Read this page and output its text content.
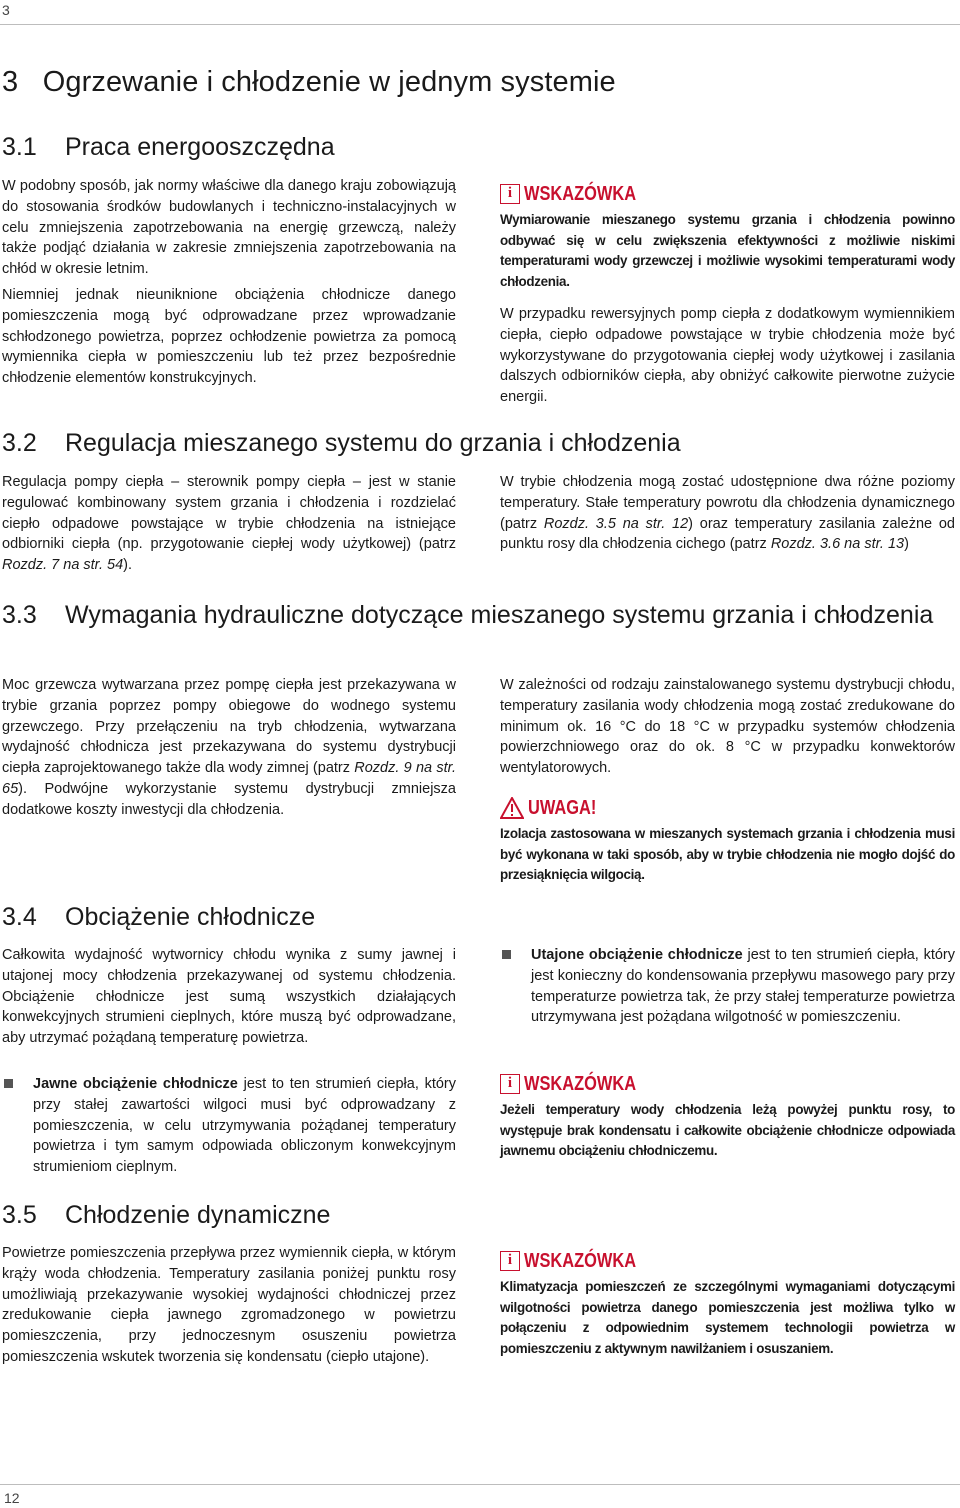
3
3   Ogrzewanie i chłodzenie w jednym systemie
3.1 Praca energooszczędna

W podobny sposób, jak normy właściwe dla danego kraju zobowiązują do stosowania środków budowlanych i techniczno-instalacyjnych w celu zmniejszenia zapotrzebowania na energię grzewczą, należy także podjąć działania w zakresie zmniejszenia zapotrzebowania na chłód w okresie letnim.

Niemniej jednak nieuniknione obciążenia chłodnicze danego pomieszczenia mogą być odprowadzane przez wprowadzanie schłodzonego powietrza, poprzez ochłodzenie powietrza za pomocą wymiennika ciepła w pomieszczeniu lub też przez bezpośrednie chłodzenie elementów konstrukcyjnych.

i WSKAZÓWKA
Wymiarowanie mieszanego systemu grzania i chłodzenia powinno odbywać się w celu zwiększenia efektywności z możliwie niskimi temperaturami wody grzewczej i możliwie wysokimi temperaturami wody chłodzenia.

W przypadku rewersyjnych pomp ciepła z dodatkowym wymiennikiem ciepła, ciepło odpadowe powstające w trybie chłodzenia może być wykorzystywane do przygotowania ciepłej wody użytkowej i zasilania dalszych odbiorników ciepła, aby obniżyć całkowite pierwotne zużycie energii.

3.2 Regulacja mieszanego systemu do grzania i chłodzenia

Regulacja pompy ciepła – sterownik pompy ciepła – jest w stanie regulować kombinowany system grzania i chłodzenia i rozdzielać ciepło odpadowe powstające w trybie chłodzenia na istniejące odbiorniki ciepła (np. przygotowanie ciepłej wody użytkowej) (patrz Rozdz. 7 na str. 54).

W trybie chłodzenia mogą zostać udostępnione dwa różne poziomy temperatury. Stałe temperatury powrotu dla chłodzenia dynamicznego (patrz Rozdz. 3.5 na str. 12) oraz temperatury zasilania zależne od punktu rosy dla chłodzenia cichego (patrz Rozdz. 3.6 na str. 13)

3.3	Wymagania hydrauliczne dotyczące mieszanego systemu grzania i chłodzenia

Moc grzewcza wytwarzana przez pompę ciepła jest przekazywana w trybie grzania poprzez pompy obiegowe do wodnego systemu grzewczego. Przy przełączeniu na tryb chłodzenia, wytwarzana wydajność chłodnicza jest przekazywana do systemu dystrybucji ciepła zaprojektowanego także dla wody zimnej (patrz Rozdz. 9 na str. 65). Podwójne wykorzystanie systemu dystrybucji zmniejsza dodatkowe koszty inwestycji dla chłodzenia.

W zależności od rodzaju zainstalowanego systemu dystrybucji chłodu, temperatury zasilania wody chłodzenia mogą zostać zredukowane do minimum ok. 16 °C do 18 °C w przypadku systemów chłodzenia powierzchniowego oraz do ok. 8 °C w przypadku konwektorów wentylatorowych.

UWAGA!
Izolacja zastosowana w mieszanych systemach grzania i chłodzenia musi być wykonana w taki sposób, aby w trybie chłodzenia nie mogło dojść do przesiąknięcia wilgocią.
3.4 Obciążenie chłodnicze

Całkowita wydajność wytwornicy chłodu wynika z sumy jawnej i utajonej mocy chłodzenia przekazywanej od systemu chłodzenia. Obciążenie chłodnicze jest sumą wszystkich działających konwekcyjnych strumieni cieplnych, które muszą być odprowadzane, aby utrzymać pożądaną temperaturę powietrza.

Jawne obciążenie chłodnicze jest to ten strumień ciepła, który przy stałej zawartości wilgoci musi być odprowadzany z pomieszczenia, w celu utrzymywania pożądanej temperatury powietrza i tym samym odpowiada obliczonym konwekcyjnym strumieniom cieplnym.

Utajone obciążenie chłodnicze jest to ten strumień ciepła, który jest konieczny do kondensowania przepływu masowego pary przy temperaturze powietrza tak, że przy stałej temperaturze powietrza utrzymywana jest pożądana wilgotność w pomieszczeniu.

i WSKAZÓWKA
Jeżeli temperatury wody chłodzenia leżą powyżej punktu rosy, to występuje brak kondensatu i całkowite obciążenie chłodnicze odpowiada jawnemu obciążeniu chłodniczemu.
3.5 Chłodzenie dynamiczne

Powietrze pomieszczenia przepływa przez wymiennik ciepła, w którym krąży woda chłodzenia. Temperatury zasilania poniżej punktu rosy umożliwiają przekazywanie wysokiej wydajności chłodniczej przez zredukowanie ciepła jawnego zgromadzonego w powietrzu pomieszczenia, przy jednoczesnym osuszeniu powietrza pomieszczenia wskutek tworzenia się kondensatu (ciepło utajone).

i WSKAZÓWKA
Klimatyzacja pomieszczeń ze szczególnymi wymaganiami dotyczącymi wilgotności powietrza danego pomieszczenia jest możliwa tylko w połączeniu z odpowiednim systemem technologii powietrza w pomieszczeniu z aktywnym nawilżaniem i osuszaniem.
12
